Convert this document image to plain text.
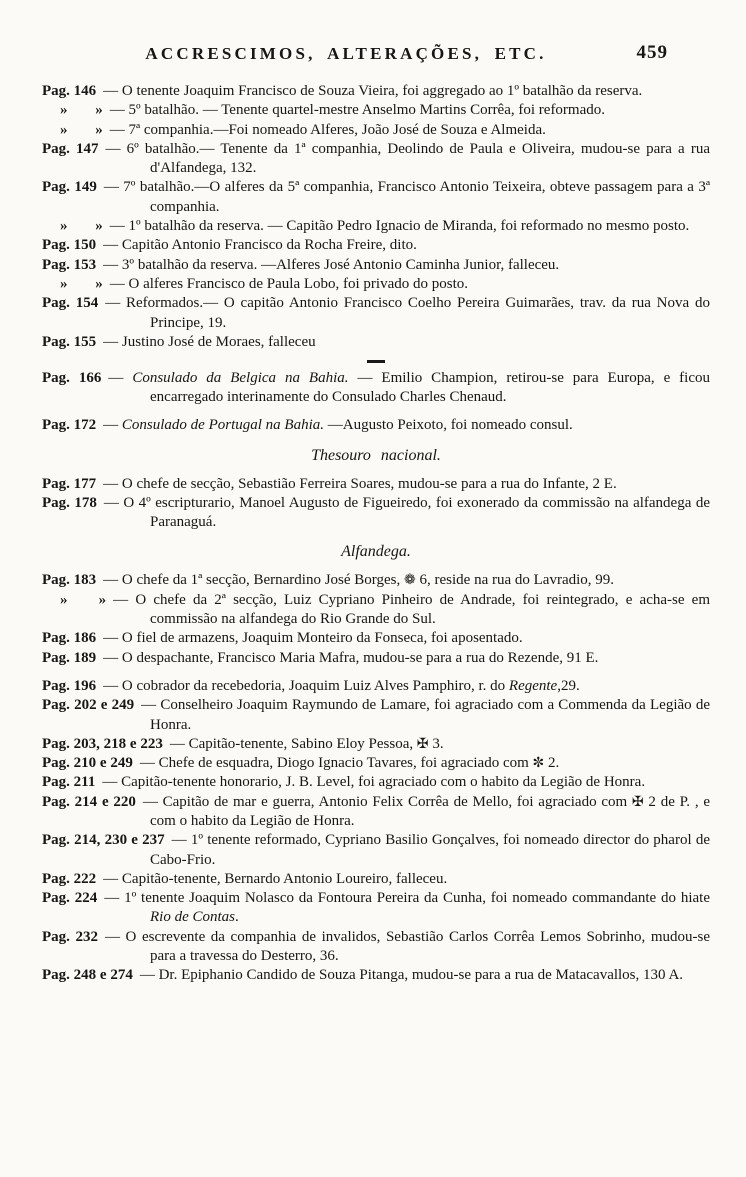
ACCRESCIMOS, ALTERAÇÕES, ETC.	459

Pag. 146 — O tenente Joaquim Francisco de Souza Vieira, foi aggregado ao 1º batalhão da reserva.

» » — 5º batalhão. — Tenente quartel-mestre Anselmo Martins Corrêa, foi reformado.

» » — 7ª companhia.—Foi nomeado Alferes, João José de Souza e Almeida.

Pag. 147 — 6º batalhão.— Tenente da 1ª companhia, Deolindo de Paula e Oliveira, mudou-se para a rua d'Alfandega, 132.

Pag. 149 — 7º batalhão.—O alferes da 5ª companhia, Francisco Antonio Teixeira, obteve passagem para a 3ª companhia.

» » — 1º batalhão da reserva. — Capitão Pedro Ignacio de Miranda, foi reformado no mesmo posto.

Pag. 150 — Capitão Antonio Francisco da Rocha Freire, dito.

Pag. 153 — 3º batalhão da reserva. —Alferes José Antonio Caminha Junior, falleceu.

» » — O alferes Francisco de Paula Lobo, foi privado do posto.

Pag. 154 — Reformados.— O capitão Antonio Francisco Coelho Pereira Guimarães, trav. da rua Nova do Principe, 19.

Pag. 155 — Justino José de Moraes, falleceu

Pag. 166 — Consulado da Belgica na Bahia. — Emilio Champion, retirou-se para Europa, e ficou encarregado interinamente do Consulado Charles Chenaud.

Pag. 172 — Consulado de Portugal na Bahia. —Augusto Peixoto, foi nomeado consul.

Thesouro nacional.

Pag. 177 — O chefe de secção, Sebastião Ferreira Soares, mudou-se para a rua do Infante, 2 E.

Pag. 178 — O 4º escripturario, Manoel Augusto de Figueiredo, foi exonerado da commissão na alfandega de Paranaguá.

Alfandega.

Pag. 183 — O chefe da 1ª secção, Bernardino José Borges, ❁ 6, reside na rua do Lavradio, 99.

» » — O chefe da 2ª secção, Luiz Cypriano Pinheiro de Andrade, foi reintegrado, e acha-se em commissão na alfandega do Rio Grande do Sul.

Pag. 186 — O fiel de armazens, Joaquim Monteiro da Fonseca, foi aposentado.

Pag. 189 — O despachante, Francisco Maria Mafra, mudou-se para a rua do Rezende, 91 E.

Pag. 196 — O cobrador da recebedoria, Joaquim Luiz Alves Pamphiro, r. do Regente,29.

Pag. 202 e 249 — Conselheiro Joaquim Raymundo de Lamare, foi agraciado com a Commenda da Legião de Honra.

Pag. 203, 218 e 223 — Capitão-tenente, Sabino Eloy Pessoa, ✠ 3.

Pag. 210 e 249 — Chefe de esquadra, Diogo Ignacio Tavares, foi agraciado com ✼ 2.

Pag. 211 — Capitão-tenente honorario, J. B. Level, foi agraciado com o habito da Legião de Honra.

Pag. 214 e 220 — Capitão de mar e guerra, Antonio Felix Corrêa de Mello, foi agraciado com ✠ 2 de P. , e com o habito da Legião de Honra.

Pag. 214, 230 e 237 — 1º tenente reformado, Cypriano Basilio Gonçalves, foi nomeado director do pharol de Cabo-Frio.

Pag. 222 — Capitão-tenente, Bernardo Antonio Loureiro, falleceu.

Pag. 224 — 1º tenente Joaquim Nolasco da Fontoura Pereira da Cunha, foi nomeado commandante do hiate Rio de Contas.

Pag. 232 — O escrevente da companhia de invalidos, Sebastião Carlos Corrêa Lemos Sobrinho, mudou-se para a travessa do Desterro, 36.

Pag. 248 e 274 — Dr. Epiphanio Candido de Souza Pitanga, mudou-se para a rua de Matacavallos, 130 A.
